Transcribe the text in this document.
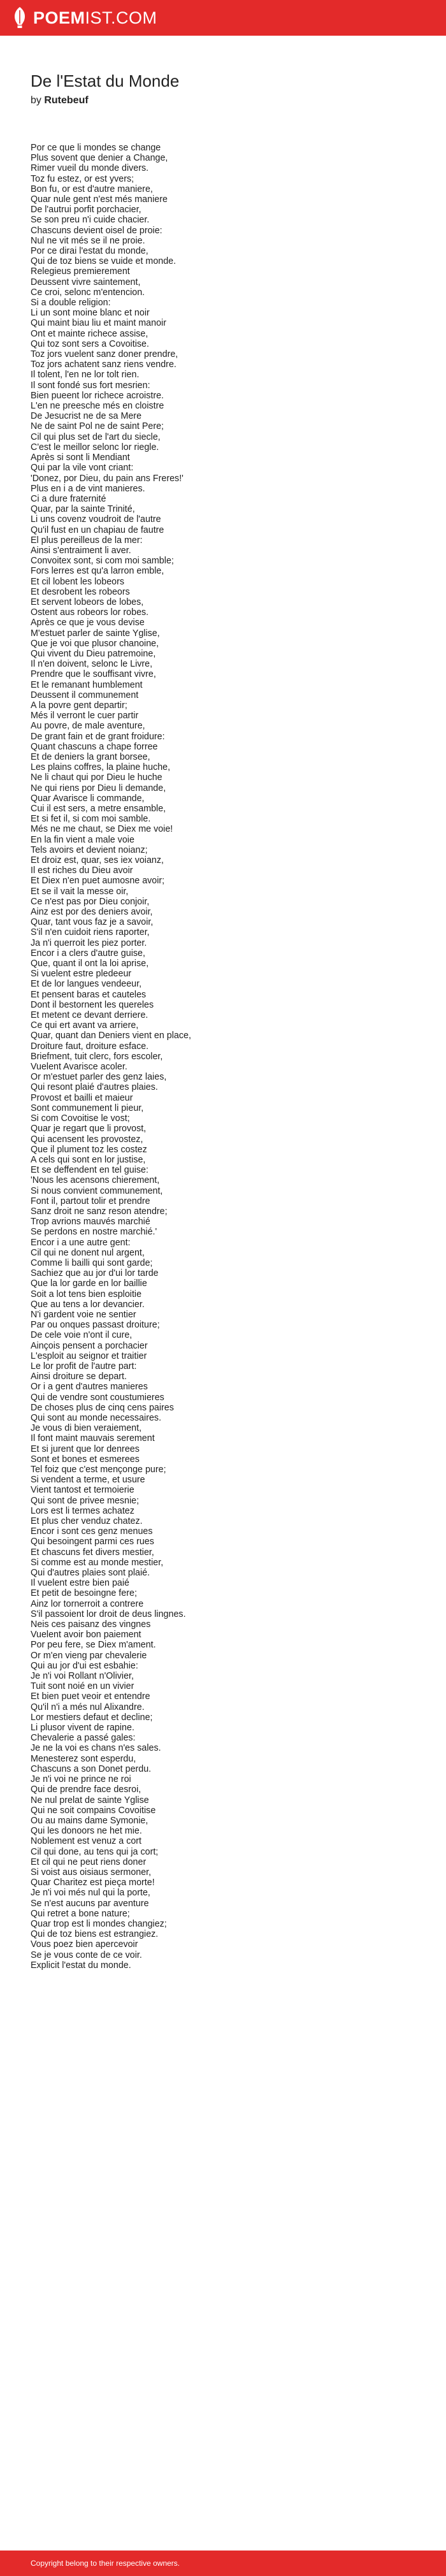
POEM IST.COM
De l'Estat du Monde
by Rutebeuf
Por ce que li mondes se change
Plus sovent que denier a Change,
Rimer vueil du monde divers.
Toz fu estez, or est yvers;
Bon fu, or est d'autre maniere,
Quar nule gent n'est més maniere
De l'autrui porfit porchacier,
Se son preu n'i cuide chacier.
Chascuns devient oisel de proie:
Nul ne vit més se il ne proie.
Por ce dirai l'estat du monde,
Qui de toz biens se vuide et monde.
Relegieus premierement
Deussent vivre saintement,
Ce croi, selonc m'entencion.
Si a double religion:
Li un sont moine blanc et noir
Qui maint biau liu et maint manoir
Ont et mainte richece assise,
Qui toz sont sers a Covoitise.
Toz jors vuelent sanz doner prendre,
Toz jors achatent sanz riens vendre.
Il tolent, l'en ne lor tolt rien.
Il sont fondé sus fort mesrien:
Bien pueent lor richece acroistre.
L'en ne preesche més en cloistre
De Jesucrist ne de sa Mere
Ne de saint Pol ne de saint Pere;
Cil qui plus set de l'art du siecle,
C'est le meillor selonc lor riegle.
Après si sont li Mendiant
Qui par la vile vont criant:
'Donez, por Dieu, du pain ans Freres!'
Plus en i a de vint manieres.
Ci a dure fraternité
Quar, par la sainte Trinité,
Li uns covenz voudroit de l'autre
Qu'il fust en un chapiau de fautre
El plus pereilleus de la mer:
Ainsi s'entraiment li aver.
Convoitex sont, si com moi samble;
Fors lerres est qu'a larron emble,
Et cil lobent les lobeors
Et desrobent les robeors
Et servent lobeors de lobes,
Ostent aus robeors lor robes.
Après ce que je vous devise
M'estuet parler de sainte Yglise,
Que je voi que plusor chanoine,
Qui vivent du Dieu patremoine,
Il n'en doivent, selonc le Livre,
Prendre que le souffisant vivre,
Et le remanant humblement
Deussent il communement
A la povre gent departir;
Més il verront le cuer partir
Au povre, de male aventure,
De grant fain et de grant froidure:
Quant chascuns a chape forree
Et de deniers la grant borsee,
Les plains coffres, la plaine huche,
Ne li chaut qui por Dieu le huche
Ne qui riens por Dieu li demande,
Quar Avarisce li commande,
Cui il est sers, a metre ensamble,
Et si fet il, si com moi samble.
Més ne me chaut, se Diex me voie!
En la fin vient a male voie
Tels avoirs et devient noianz;
Et droiz est, quar, ses iex voianz,
Il est riches du Dieu avoir
Et Diex n'en puet aumosne avoir;
Et se il vait la messe oir,
Ce n'est pas por Dieu conjoir,
Ainz est por des deniers avoir,
Quar, tant vous faz je a savoir,
S'il n'en cuidoit riens raporter,
Ja n'i querroit les piez porter.
Encor i a clers d'autre guise,
Que, quant il ont la loi aprise,
Si vuelent estre pledeeur
Et de lor langues vendeeur,
Et pensent baras et cauteles
Dont il bestornent les quereles
Et metent ce devant derriere.
Ce qui ert avant va arriere,
Quar, quant dan Deniers vient en place,
Droiture faut, droiture esface.
Briefment, tuit clerc, fors escoler,
Vuelent Avarisce acoler.
Or m'estuet parler des genz laies,
Qui resont plaié d'autres plaies.
Provost et bailli et maieur
Sont communement li pieur,
Si com Covoitise le vost;
Quar je regart que li provost,
Qui acensent les provostez,
Que il plument toz les costez
A cels qui sont en lor justise,
Et se deffendent en tel guise:
'Nous les acensons chierement,
Si nous convient communement,
Font il, partout tolir et prendre
Sanz droit ne sanz reson atendre;
Trop avrions mauvés marchié
Se perdons en nostre marchié.'
Encor i a une autre gent:
Cil qui ne donent nul argent,
Comme li bailli qui sont garde;
Sachiez que au jor d'ui lor tarde
Que la lor garde en lor baillie
Soit a lot tens bien esploitie
Que au tens a lor devancier.
N'i gardent voie ne sentier
Par ou onques passast droiture;
De cele voie n'ont il cure,
Ainçois pensent a porchacier
L'esploit au seignor et traitier
Le lor profit de l'autre part:
Ainsi droiture se depart.
Or i a gent d'autres manieres
Qui de vendre sont coustumieres
De choses plus de cinq cens paires
Qui sont au monde necessaires.
Je vous di bien veraiement,
Il font maint mauvais serement
Et si jurent que lor denrees
Sont et bones et esmerees
Tel foiz que c'est mençonge pure;
Si vendent a terme, et usure
Vient tantost et termoierie
Qui sont de privee mesnie;
Lors est li termes achatez
Et plus cher venduz chatez.
Encor i sont ces genz menues
Qui besoingent parmi ces rues
Et chascuns fet divers mestier,
Si comme est au monde mestier,
Qui d'autres plaies sont plaié.
Il vuelent estre bien paié
Et petit de besoingne fere;
Ainz lor tornerroit a contrere
S'il passoient lor droit de deus lingnes.
Neis ces paisanz des vingnes
Vuelent avoir bon paiement
Por peu fere, se Diex m'ament.
Or m'en vieng par chevalerie
Qui au jor d'ui est esbahie:
Je n'i voi Rollant n'Olivier,
Tuit sont noié en un vivier
Et bien puet veoir et entendre
Qu'il n'i a més nul Alixandre.
Lor mestiers defaut et decline;
Li plusor vivent de rapine.
Chevalerie a passé gales:
Je ne la voi es chans n'es sales.
Menesterez sont esperdu,
Chascuns a son Donet perdu.
Je n'i voi ne prince ne roi
Qui de prendre face desroi,
Ne nul prelat de sainte Yglise
Qui ne soit compains Covoitise
Ou au mains dame Symonie,
Qui les donoors ne het mie.
Noblement est venuz a cort
Cil qui done, au tens qui ja cort;
Et cil qui ne peut riens doner
Si voist aus oisiaus sermoner,
Quar Charitez est pieça morte!
Je n'i voi més nul qui la porte,
Se n'est aucuns par aventure
Qui retret a bone nature;
Quar trop est li mondes changiez;
Qui de toz biens est estrangiez.
Vous poez bien apercevoir
Se je vous conte de ce voir.
Explicit l'estat du monde.
Copyright belong to their respective owners.
